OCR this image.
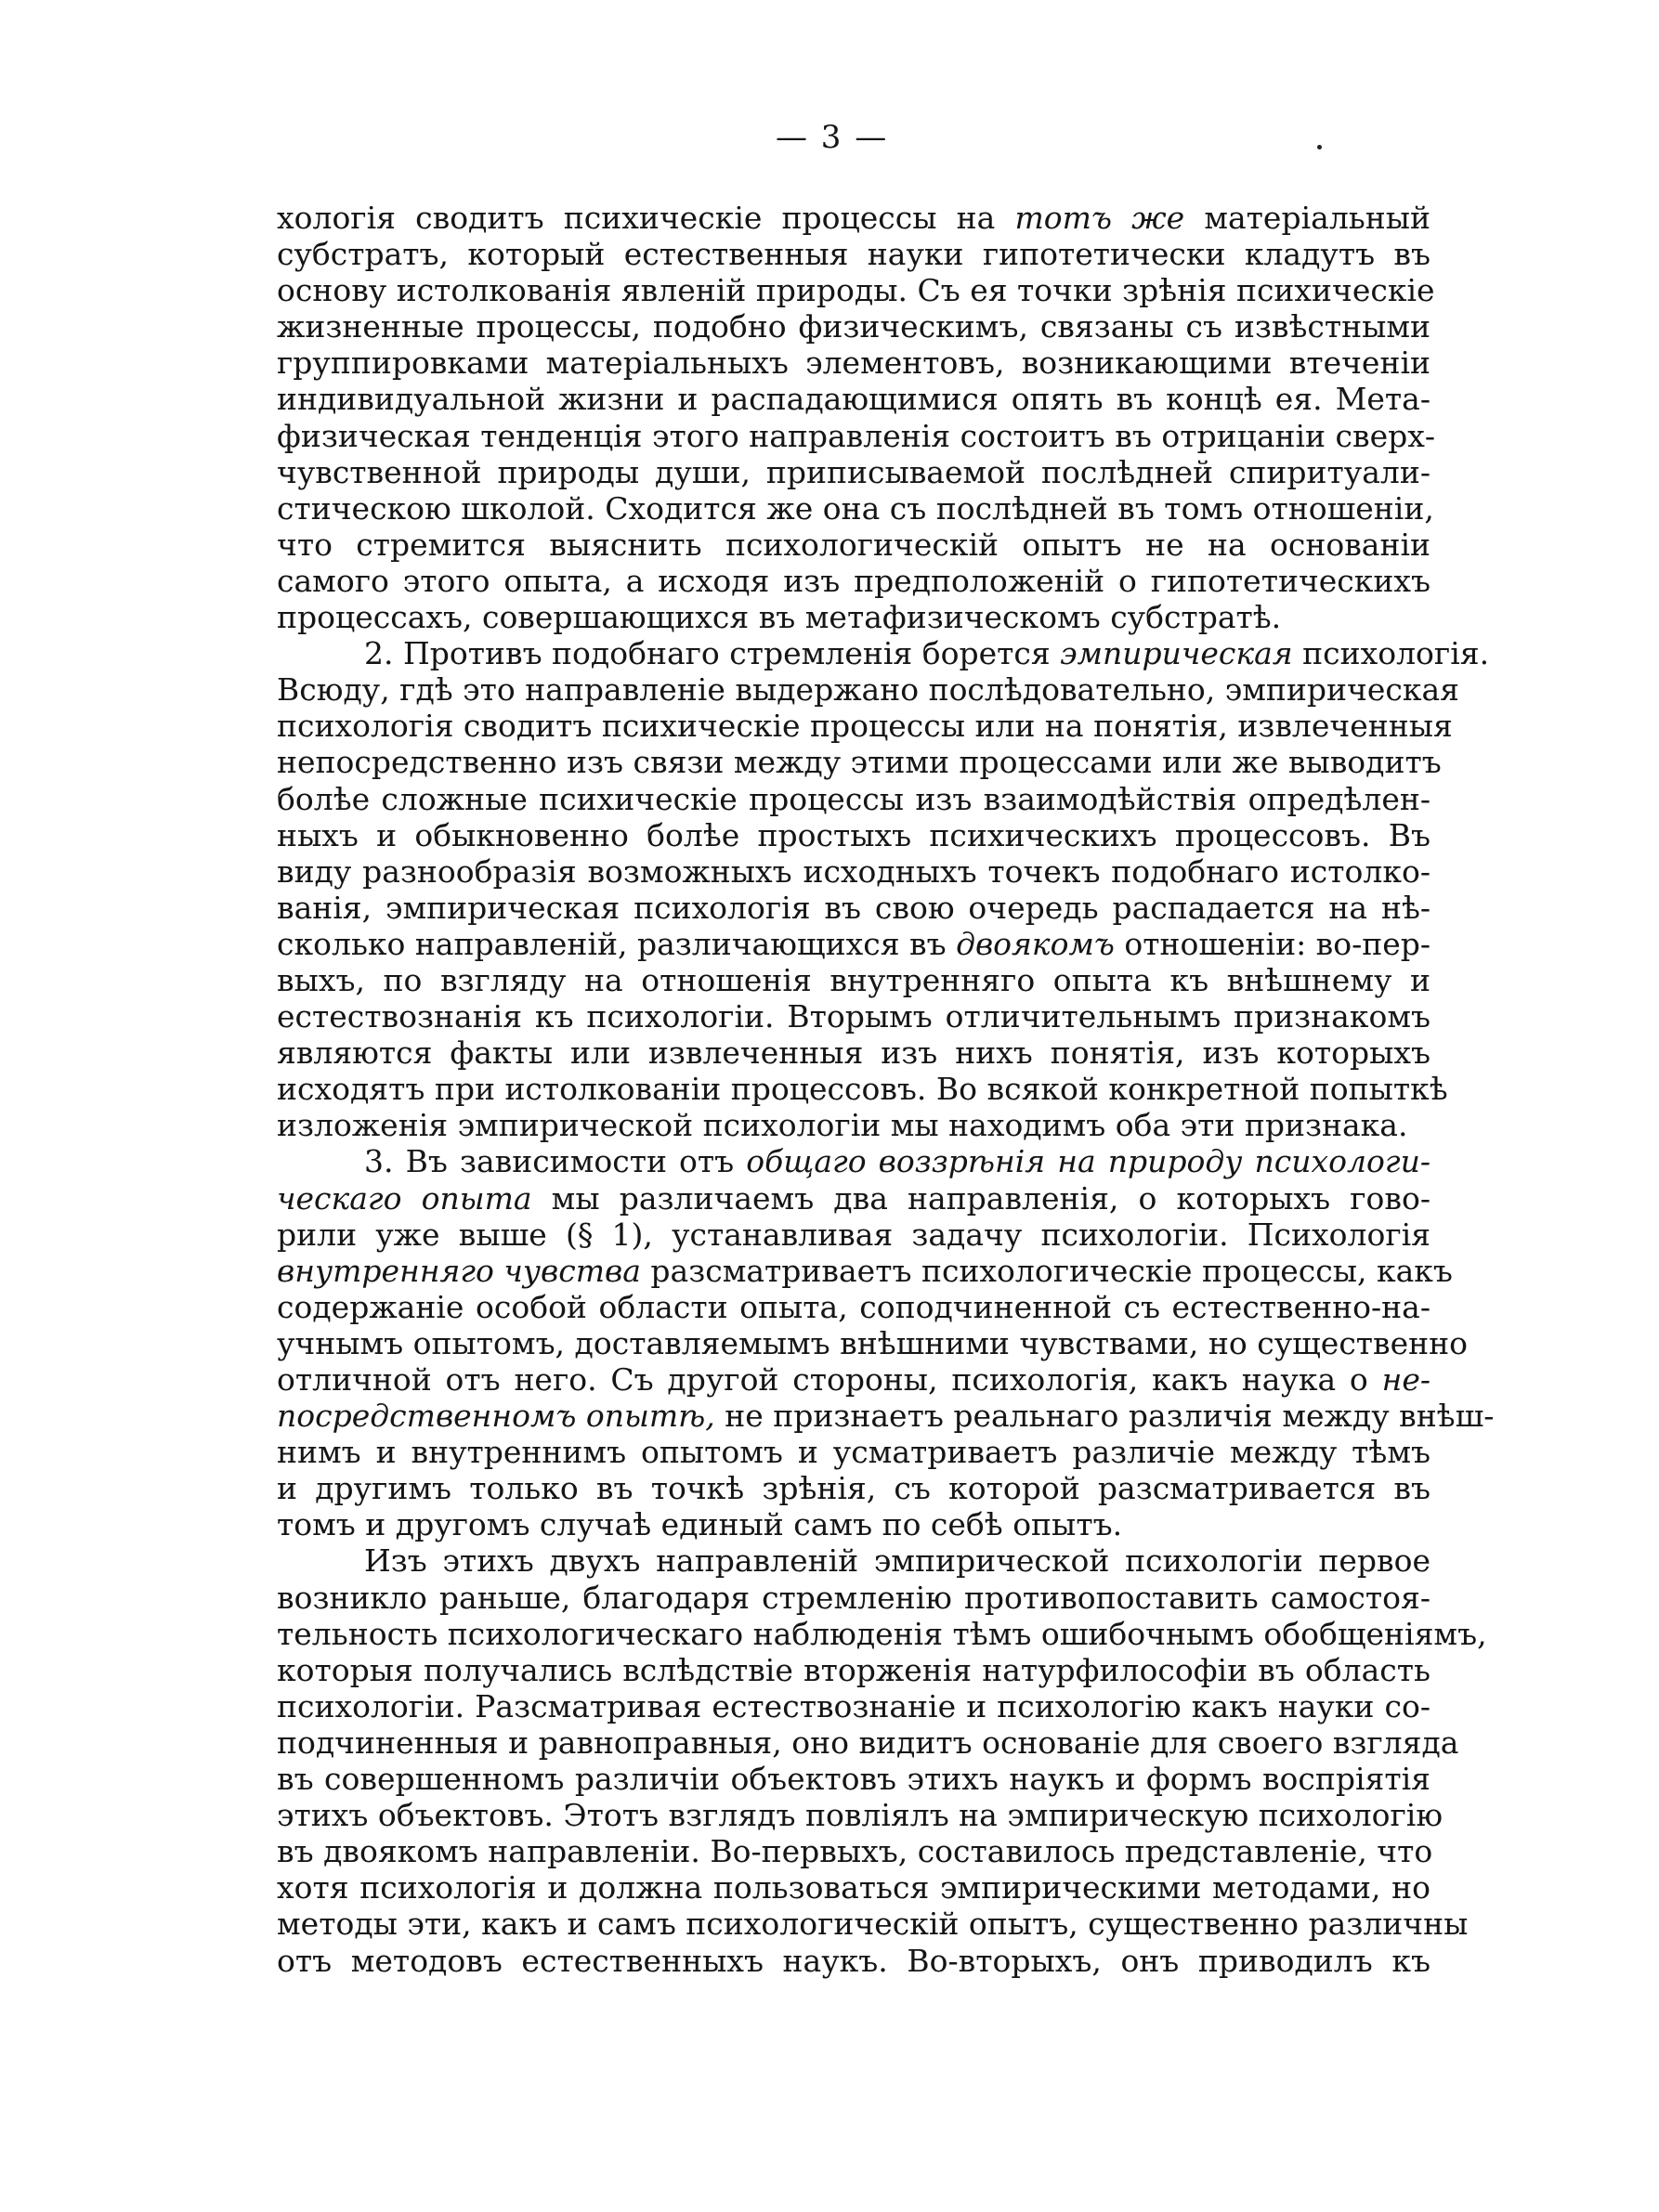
— 3 —
хологія сводитъ психическіе процессы на тотъ же матеріальный
субстратъ, который естественныя науки гипотетически кладутъ въ
основу истолкованія явленій природы. Съ ея точки зрѣнія психическіе
жизненные процессы, подобно физическимъ, связаны съ извѣстными
группировками матеріальныхъ элементовъ, возникающими втеченіи
индивидуальной жизни и распадающимися опять въ концѣ ея. Мета-
физическая тенденція этого направленія состоитъ въ отрицаніи сверх-
чувственной природы души, приписываемой послѣдней спиритуали-
стическою школой. Сходится же она съ послѣдней въ томъ отношеніи,
что стремится выяснить психологическій опытъ не на основаніи
самого этого опыта, а исходя изъ предположеній о гипотетическихъ
процессахъ, совершающихся въ метафизическомъ субстратѣ.
2. Противъ подобнаго стремленія борется эмпирическая психологія.
Всюду, гдѣ это направленіе выдержано послѣдовательно, эмпирическая
психологія сводитъ психическіе процессы или на понятія, извлеченныя
непосредственно изъ связи между этими процессами или же выводитъ
болѣе сложные психическіе процессы изъ взаимодѣйствія опредѣлен-
ныхъ и обыкновенно болѣе простыхъ психическихъ процессовъ. Въ
виду разнообразія возможныхъ исходныхъ точекъ подобнаго истолко-
ванія, эмпирическая психологія въ свою очередь распадается на нѣ-
сколько направленій, различающихся въ двоякомъ отношеніи: во-пер-
выхъ, по взгляду на отношенія внутренняго опыта къ внѣшнему и
естествознанія къ психологіи. Вторымъ отличительнымъ признакомъ
являются факты или извлеченныя изъ нихъ понятія, изъ которыхъ
исходятъ при истолкованіи процессовъ. Во всякой конкретной попыткѣ
изложенія эмпирической психологіи мы находимъ оба эти признака.
3. Въ зависимости отъ общаго воззрѣнія на природу психологи-
ческаго опыта мы различаемъ два направленія, о которыхъ гово-
рили уже выше (§ 1), устанавливая задачу психологіи. Психологія
внутренняго чувства разсматриваетъ психологическіе процессы, какъ
содержаніе особой области опыта, соподчиненной съ естественно-на-
учнымъ опытомъ, доставляемымъ внѣшними чувствами, но существенно
отличной отъ него. Съ другой стороны, психологія, какъ наука о не-
посредственномъ опытѣ, не признаетъ реальнаго различія между внѣш-
нимъ и внутреннимъ опытомъ и усматриваетъ различіе между тѣмъ
и другимъ только въ точкѣ зрѣнія, съ которой разсматривается въ
томъ и другомъ случаѣ единый самъ по себѣ опытъ.
Изъ этихъ двухъ направленій эмпирической психологіи первое
возникло раньше, благодаря стремленію противопоставить самостоя-
тельность психологическаго наблюденія тѣмъ ошибочнымъ обобщеніямъ,
которыя получались вслѣдствіе вторженія натурфилософіи въ область
психологіи. Разсматривая естествознаніе и психологію какъ науки со-
подчиненныя и равноправныя, оно видитъ основаніе для своего взгляда
въ совершенномъ различіи объектовъ этихъ наукъ и формъ воспріятія
этихъ объектовъ. Этотъ взглядъ повліялъ на эмпирическую психологію
въ двоякомъ направленіи. Во-первыхъ, составилось представленіе, что
хотя психологія и должна пользоваться эмпирическими методами, но
методы эти, какъ и самъ психологическій опытъ, существенно различны
отъ методовъ естественныхъ наукъ. Во-вторыхъ, онъ приводилъ къ
